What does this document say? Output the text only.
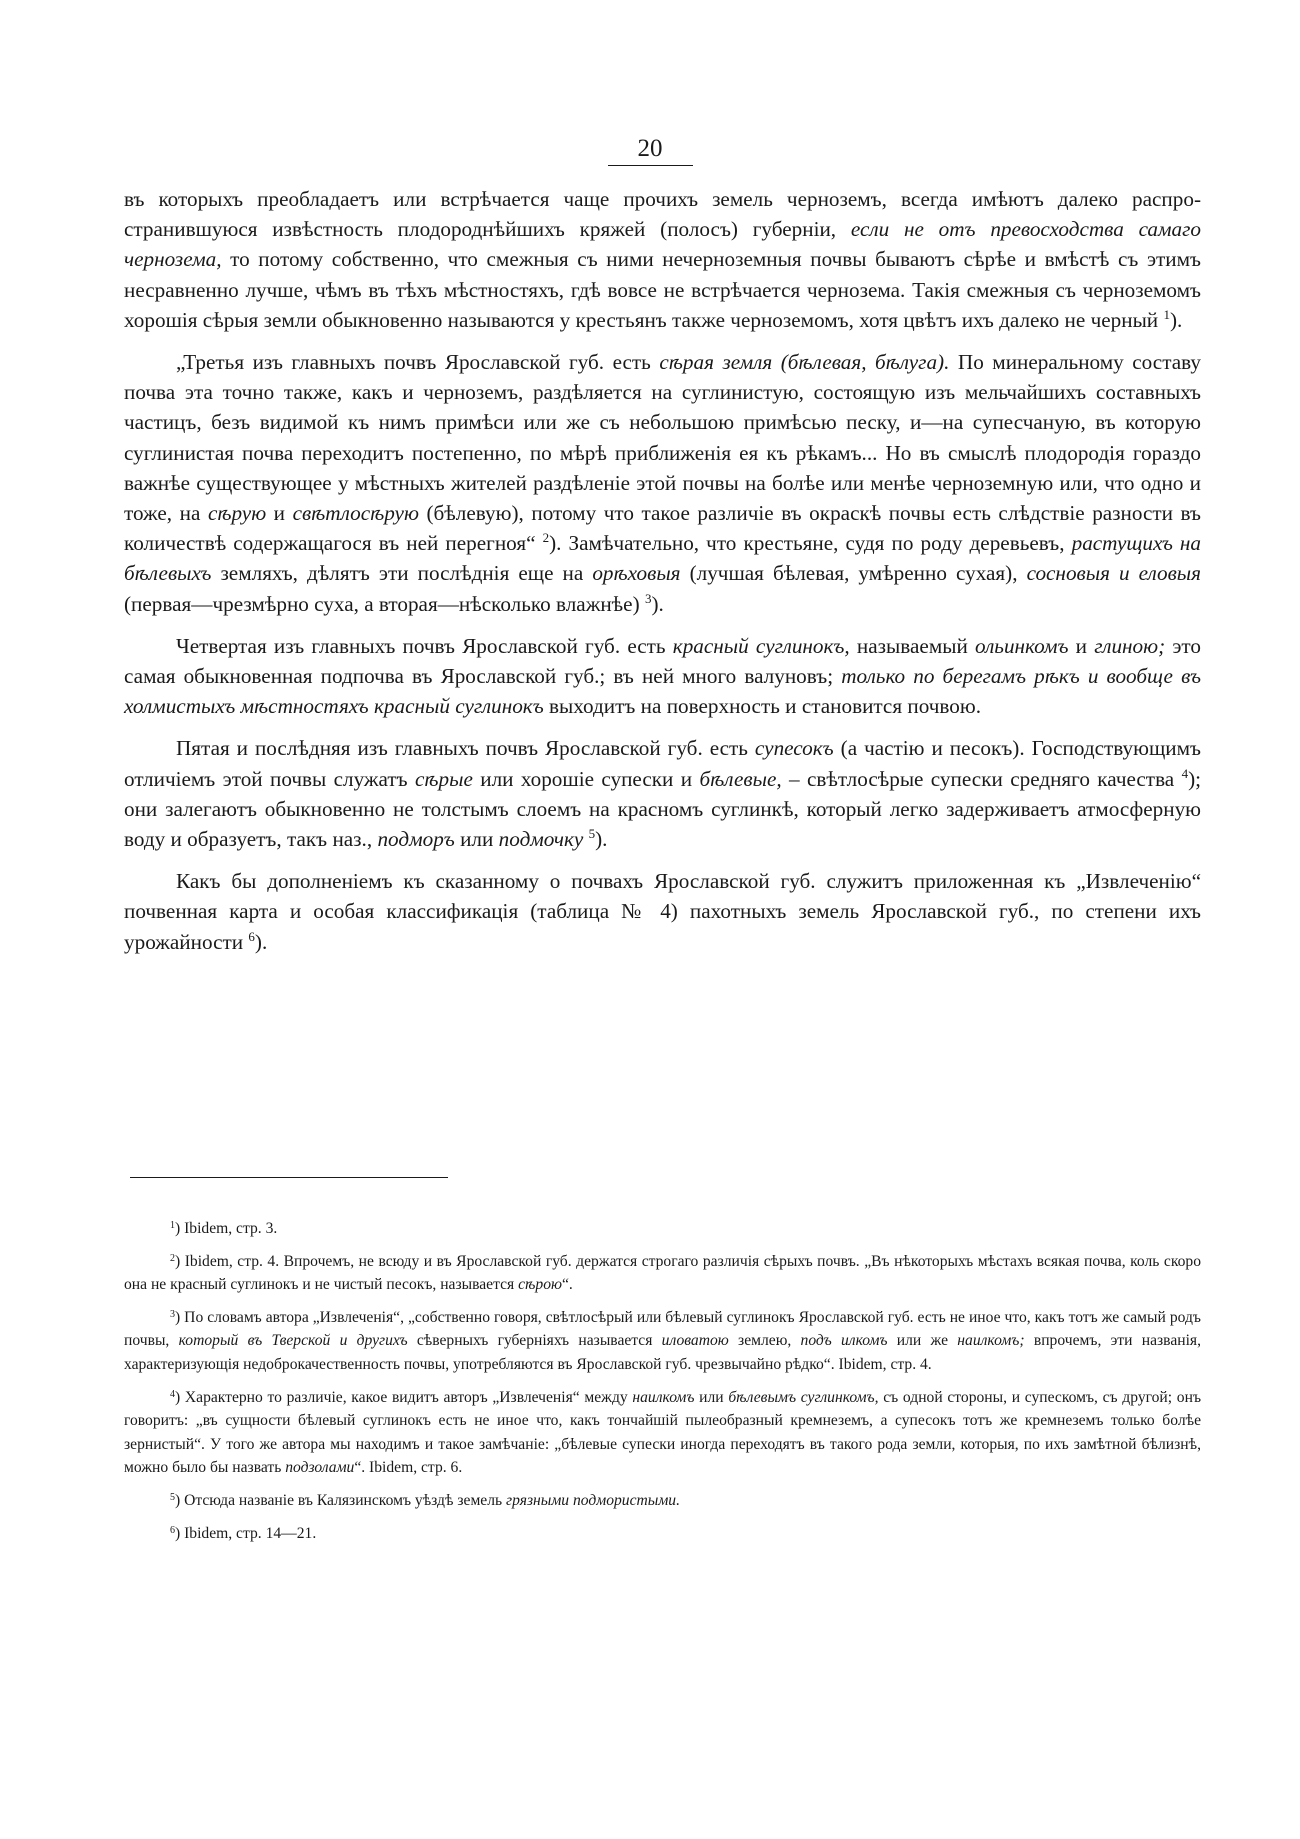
20

въ которыхъ преобладаетъ или встрѣчается чаще прочихъ земель черноземъ, всегда имѣютъ далеко распространившуюся извѣстность плодороднѣйшихъ кряжей (полосъ) губерніи, если не отъ превосходства самаго чернозема, то потому собственно, что смежныя съ ними нечерноземныя почвы бываютъ сѣрѣе и вмѣстѣ съ этимъ несравненно лучше, чѣмъ въ тѣхъ мѣстностяхъ, гдѣ вовсе не встрѣчается чернозема. Такія смежныя съ черноземомъ хорошія сѣрыя земли обыкновенно называются у крестьянъ также черноземомъ, хотя цвѣтъ ихъ далеко не черный $^1$).

„Третья изъ главныхъ почвъ Ярославской губ. есть сѣрая земля (бѣлевая, бѣлуга). По минеральному составу почва эта точно также, какъ и черноземъ, раздѣляется на суглинистую, состоящую изъ мельчайшихъ составныхъ частицъ, безъ видимой къ нимъ примѣси или же съ небольшою примѣсью песку, и—на супесчаную, въ которую суглинистая почва переходитъ постепенно, по мѣрѣ приближенія ея къ рѣкамъ... Но въ смыслѣ плодородія гораздо важнѣе существующее у мѣстныхъ жителей раздѣленіе этой почвы на болѣе или менѣе черноземную или, что одно и тоже, на сѣрую и свѣтлосѣрую (бѣлевую), потому что такое различіе въ окраскѣ почвы есть слѣдствіе разности въ количествѣ содержащагося въ ней перегноя“ $^2$). Замѣчательно, что крестьяне, судя по роду деревьевъ, растущихъ на бѣлевыхъ земляхъ, дѣлятъ эти послѣднія еще на орѣховыя (лучшая бѣлевая, умѣренно сухая), сосновыя и еловыя (первая—чрезмѣрно суха, а вторая—нѣсколько влажнѣе) $^3$).

Четвертая изъ главныхъ почвъ Ярославской губ. есть красный суглинокъ, называемый ольинкомъ и глиною; это самая обыкновенная подпочва въ Ярославской губ.; въ ней много валуновъ; только по берегамъ рѣкъ и вообще въ холмистыхъ мѣстностяхъ красный суглинокъ выходитъ на поверхность и становится почвою.

Пятая и послѣдняя изъ главныхъ почвъ Ярославской губ. есть супесокъ (а частію и песокъ). Господствующимъ отличіемъ этой почвы служатъ сѣрые или хорошіе супески и бѣлевые, – свѣтлосѣрые супески средняго качества $^4$); они залегаютъ обыкновенно не толстымъ слоемъ на красномъ суглинкѣ, который легко задерживаетъ атмосферную воду и образуетъ, такъ наз., подморъ или подмочку $^5$).

Какъ бы дополненіемъ къ сказанному о почвахъ Ярославской губ. служитъ приложенная къ „Извлеченію“ почвенная карта и особая классификація (таблица № 4) пахотныхъ земель Ярославской губ., по степени ихъ урожайности $^6$).

$^1$) Ibidem, стр. 3.

$^2$) Ibidem, стр. 4. Впрочемъ, не всюду и въ Ярославской губ. держатся строгаго различія сѣрыхъ почвъ. „Въ нѣкоторыхъ мѣстахъ всякая почва, коль скоро она не красный суглинокъ и не чистый песокъ, называется сѣрою“.

$^3$) По словамъ автора „Извлеченія“, „собственно говоря, свѣтлосѣрый или бѣлевый суглинокъ Ярославской губ. есть не иное что, какъ тотъ же самый родъ почвы, который въ Тверской и другихъ сѣверныхъ губерніяхъ называется иловатою землею, подъ илкомъ или же наилкомъ; впрочемъ, эти названія, характеризующія недоброкачественность почвы, употребляются въ Ярославской губ. чрезвычайно рѣдко“. Ibidem, стр. 4.

$^4$) Характерно то различіе, какое видитъ авторъ „Извлеченія“ между наилкомъ или бѣлевымъ суглинкомъ, съ одной стороны, и супескомъ, съ другой; онъ говоритъ: „въ сущности бѣлевый суглинокъ есть не иное что, какъ тончайшій пылеобразный кремнеземъ, а супесокъ тотъ же кремнеземъ только болѣе зернистый“. У того же автора мы находимъ и такое замѣчаніе: „бѣлевые супески иногда переходятъ въ такого рода земли, которыя, по ихъ замѣтной бѣлизнѣ, можно было бы назвать подзолами“. Ibidem, стр. 6.

$^5$) Отсюда названіе въ Калязинскомъ уѣздѣ земель грязными подмористыми.

$^6$) Ibidem, стр. 14—21.
